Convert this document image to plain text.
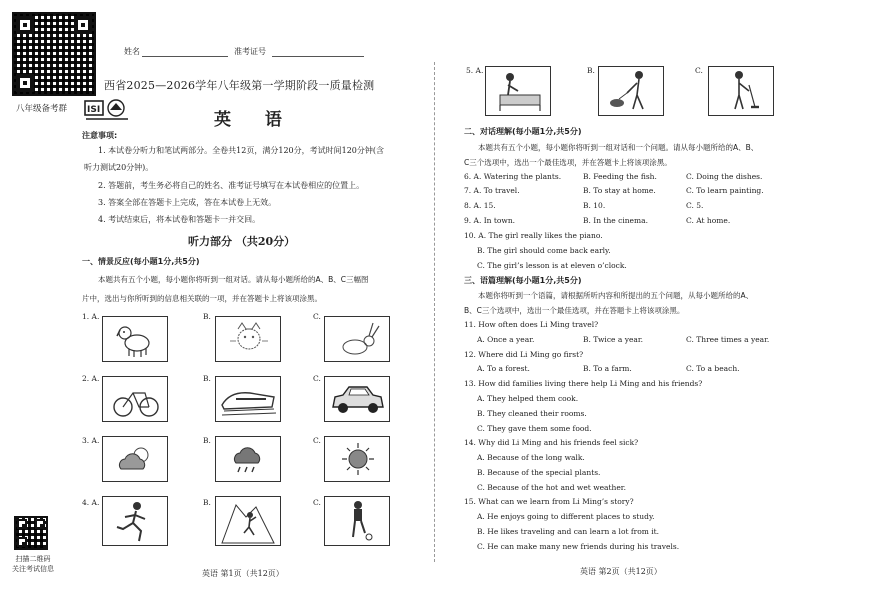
姓名	准考证号
西省2025—2026学年八年级第一学期阶段一质量检测
八年级备考群 ISI	英 语
注意事项:
1. 本试卷分听力和笔试两部分。全卷共12页，满分120分，考试时间120分钟(含
听力测试20分钟)。
2. 答题前，考生务必将自己的姓名、准考证号填写在本试卷相应的位置上。
3. 答案全部在答题卡上完成，答在本试卷上无效。
4. 考试结束后，将本试卷和答题卡一并交回。
听力部分 （共20分）
一、情景反应(每小题1分,共5分)
本题共有五个小题，每小题你将听到一组对话。请从每小题所给的A、B、C三幅图
片中，选出与你所听到的信息相关联的一项，并在答题卡上将该项涂黑。
1. A.	B.	C.
2. A.	B.	C.
3. A.	B.	C.
4. A.	B.	C.
扫描二维码
关注考试信息	英语 第1页（共12页）
5. A.	B.	C.
二、对话理解(每小题1分,共5分)
本题共有五个小题，每小题你将听到一组对话和一个问题。请从每小题所给的A、B、
C三个选项中，选出一个最佳选项，并在答题卡上将该项涂黑。
6. A. Watering the plants.	B. Feeding the fish.	C. Doing the dishes.
7. A. To travel.	B. To stay at home.	C. To learn painting.
8. A. 15.	B. 10.	C. 5.
9. A. In town.	B. In the cinema.	C. At home.
10. A. The girl really likes the piano.
B. The girl should come back early.
C. The girl’s lesson is at eleven o’clock.
三、语篇理解(每小题1分,共5分)
本题你将听到一个语篇，请根据所听内容和所提出的五个问题，从每小题所给的A、
B、C三个选项中，选出一个最佳选项，并在答题卡上将该项涂黑。
11. How often does Li Ming travel?
A. Once a year.	B. Twice a year.	C. Three times a year.
12. Where did Li Ming go first?
A. To a forest.	B. To a farm.	C. To a beach.
13. How did families living there help Li Ming and his friends?
A. They helped them cook.
B. They cleaned their rooms.
C. They gave them some food.
14. Why did Li Ming and his friends feel sick?
A. Because of the long walk.
B. Because of the special plants.
C. Because of the hot and wet weather.
15. What can we learn from Li Ming’s story?
A. He enjoys going to different places to study.
B. He likes traveling and can learn a lot from it.
C. He can make many new friends during his travels.
英语 第2页（共12页）
